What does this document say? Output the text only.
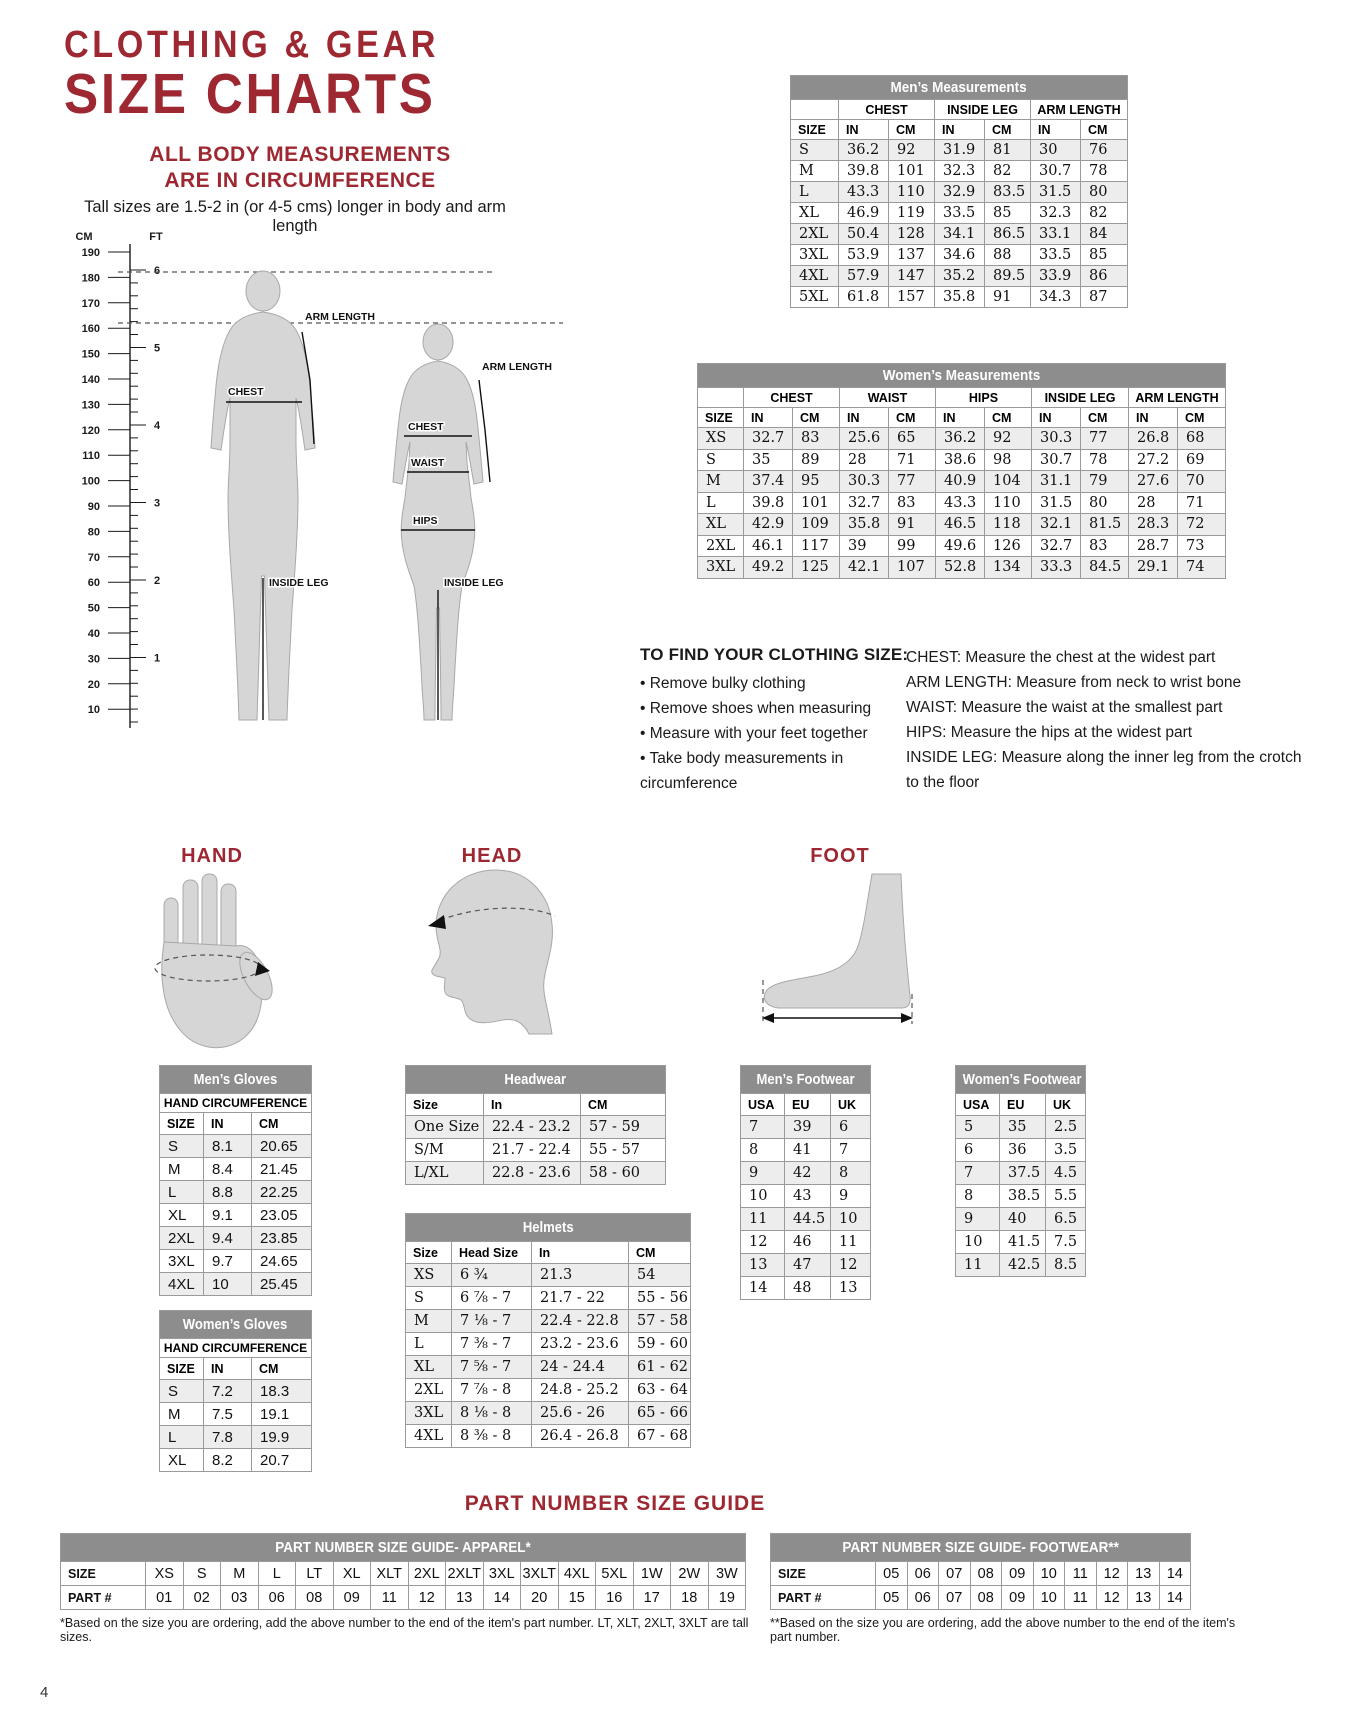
CLOTHING & GEAR
SIZE CHARTS
ALL BODY MEASUREMENTS
ARE IN CIRCUMFERENCE
Tall sizes are 1.5-2 in (or 4-5 cms) longer in body and arm length
CM	FT
190
180
170
160
150
140
130
120
110
100
90
80
70
60
50
40
30
20
10
6
5
4
3
2
1
ARM LENGTH
CHEST
INSIDE LEG
ARM LENGTH
CHEST
WAIST
HIPS
INSIDE LEG
Men’s Measurements						
	CHEST		INSIDE LEG		ARM LENGTH	
SIZE	IN	CM	IN	CM	IN	CM
S	36.2	92	31.9	81	30	76
M	39.8	101	32.3	82	30.7	78
L	43.3	110	32.9	83.5	31.5	80
XL	46.9	119	33.5	85	32.3	82
2XL	50.4	128	34.1	86.5	33.1	84
3XL	53.9	137	34.6	88	33.5	85
4XL	57.9	147	35.2	89.5	33.9	86
5XL	61.8	157	35.8	91	34.3	87
Women’s Measurements										
	CHEST		WAIST		HIPS		INSIDE LEG		ARM LENGTH	
SIZE	IN	CM	IN	CM	IN	CM	IN	CM	IN	CM
XS	32.7	83	25.6	65	36.2	92	30.3	77	26.8	68
S	35	89	28	71	38.6	98	30.7	78	27.2	69
M	37.4	95	30.3	77	40.9	104	31.1	79	27.6	70
L	39.8	101	32.7	83	43.3	110	31.5	80	28	71
XL	42.9	109	35.8	91	46.5	118	32.1	81.5	28.3	72
2XL	46.1	117	39	99	49.6	126	32.7	83	28.7	73
3XL	49.2	125	42.1	107	52.8	134	33.3	84.5	29.1	74
TO FIND YOUR CLOTHING SIZE:
• Remove bulky clothing
• Remove shoes when measuring
• Measure with your feet together
• Take body measurements in circumference
CHEST: Measure the chest at the widest part
ARM LENGTH: Measure from neck to wrist bone
WAIST: Measure the waist at the smallest part
HIPS: Measure the hips at the widest part
INSIDE LEG: Measure along the inner leg from the crotch to the floor
HAND	HEAD	FOOT
Men’s Gloves		
HAND CIRCUMFERENCE		
SIZE	IN	CM
S	8.1	20.65
M	8.4	21.45
L	8.8	22.25
XL	9.1	23.05
2XL	9.4	23.85
3XL	9.7	24.65
4XL	10	25.45
Women’s Gloves		
HAND CIRCUMFERENCE		
SIZE	IN	CM
S	7.2	18.3
M	7.5	19.1
L	7.8	19.9
XL	8.2	20.7
Headwear		
Size	In	CM
One Size	22.4 - 23.2	57 - 59
S/M	21.7 - 22.4	55 - 57
L/XL	22.8 - 23.6	58 - 60
Helmets			
Size	Head Size	In	CM
XS	6 ¾	21.3	54
S	6 ⅞ - 7	21.7 - 22	55 - 56
M	7 ⅛ - 7	22.4 - 22.8	57 - 58
L	7 ⅜ - 7	23.2 - 23.6	59 - 60
XL	7 ⅝ - 7	24 - 24.4	61 - 62
2XL	7 ⅞ - 8	24.8 - 25.2	63 - 64
3XL	8 ⅛ - 8	25.6 - 26	65 - 66
4XL	8 ⅜ - 8	26.4 - 26.8	67 - 68
Men’s Footwear		
USA	EU	UK
7	39	6
8	41	7
9	42	8
10	43	9
11	44.5	10
12	46	11
13	47	12
14	48	13
Women’s Footwear		
USA	EU	UK
5	35	2.5
6	36	3.5
7	37.5	4.5
8	38.5	5.5
9	40	6.5
10	41.5	7.5
11	42.5	8.5
PART NUMBER SIZE GUIDE
PART NUMBER SIZE GUIDE- APPAREL*																
SIZE	XS	S	M	L	LT	XL	XLT	2XL	2XLT	3XL	3XLT	4XL	5XL	1W	2W	3W
PART #	01	02	03	06	08	09	11	12	13	14	20	15	16	17	18	19
*Based on the size you are ordering, add the above number to the end of the item's part number. LT, XLT, 2XLT, 3XLT are tall sizes.
PART NUMBER SIZE GUIDE- FOOTWEAR**										
SIZE	05	06	07	08	09	10	11	12	13	14
PART #	05	06	07	08	09	10	11	12	13	14
**Based on the size you are ordering, add the above number to the end of the item's part number.
4
